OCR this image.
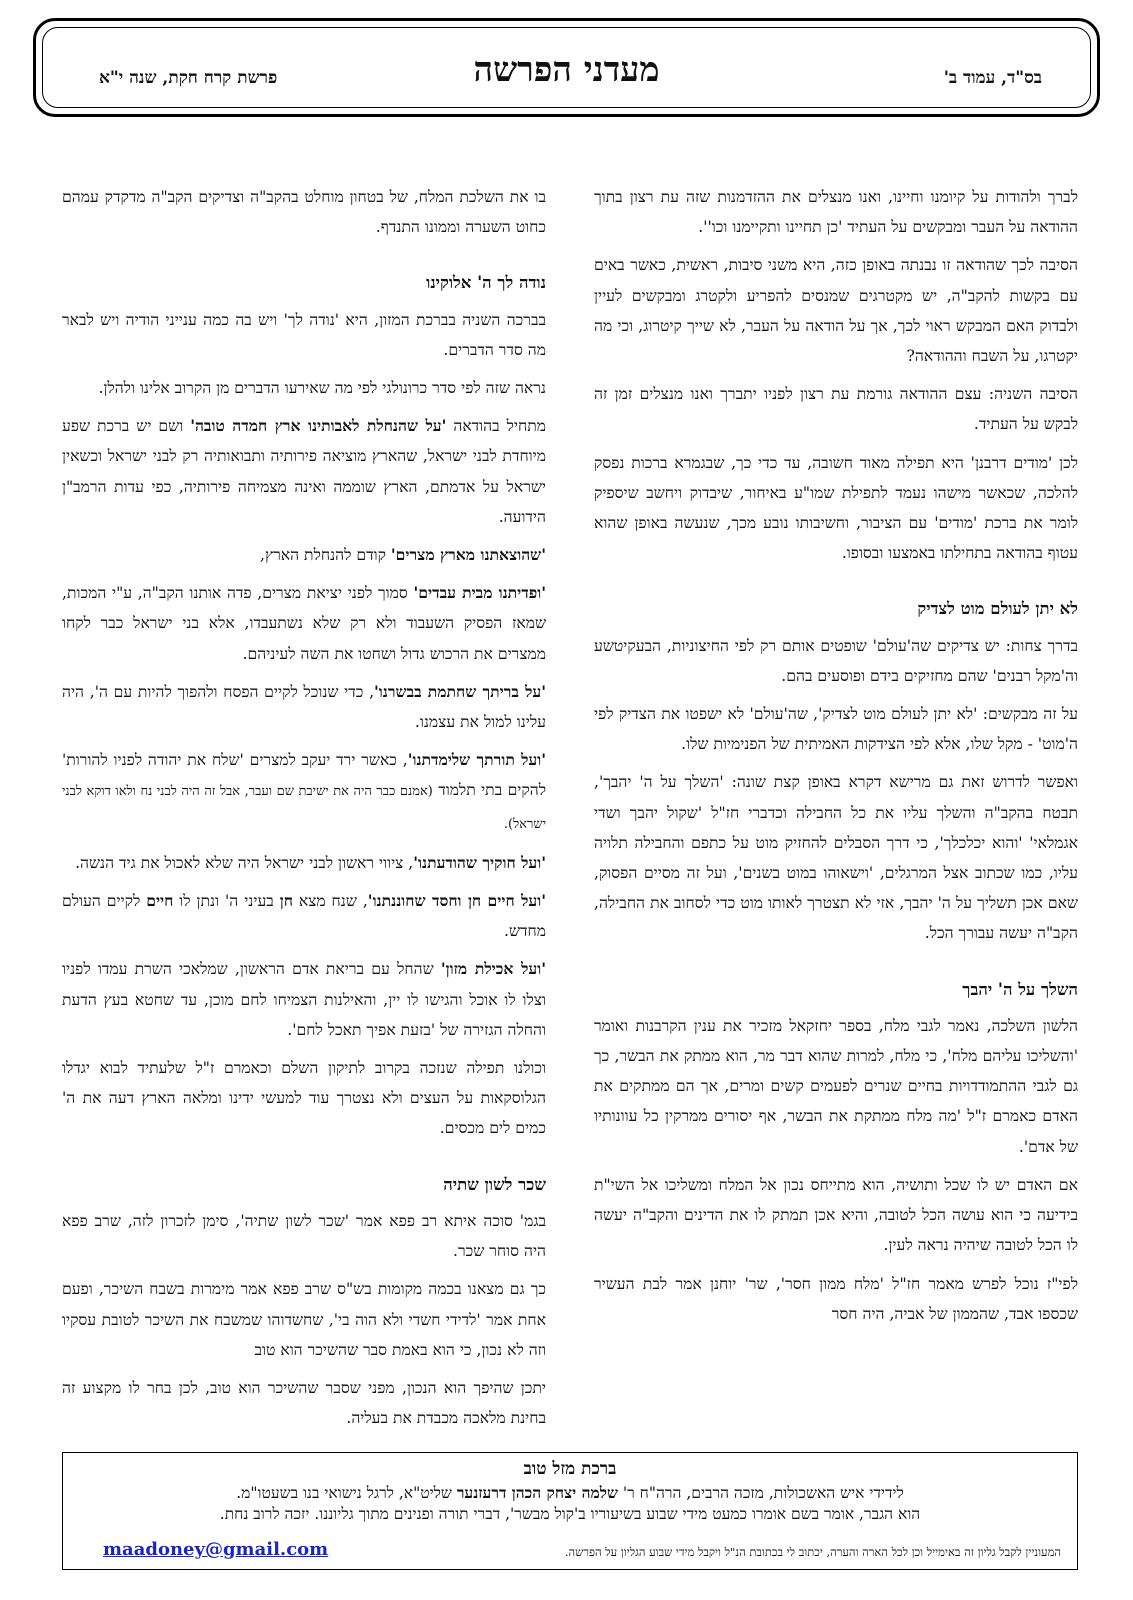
בס"ד, עמוד ב'
מעדני הפרשה
פרשת קרח חקת, שנה י"א

לברך ולהודות על קיומנו וחיינו, ואנו מנצלים את ההזדמנות שזה עת רצון בתוך ההודאה על העבר ומבקשים על העתיד 'כן תחיינו ותקיימנו וכו''.

הסיבה לכך שהודאה זו נבנתה באופן כזה, היא משני סיבות, ראשית, כאשר באים עם בקשות להקב"ה, יש מקטרגים שמנסים להפריע ולקטרג ומבקשים לעיין ולבדוק האם המבקש ראוי לכך, אך על הודאה על העבר, לא שייך קיטרוג, וכי מה יקטרגו, על השבח וההודאה?

הסיבה השניה: עצם ההודאה גורמת עת רצון לפניו יתברך ואנו מנצלים זמן זה לבקש על העתיד.

לכן 'מודים דרבנן' היא תפילה מאוד חשובה, עד כדי כך, שבגמרא ברכות נפסק להלכה, שכאשר מישהו נעמד לתפילת שמו"ע באיחור, שיבדוק ויחשב שיספיק לומר את ברכת 'מודים' עם הציבור, וחשיבותו נובע מכך, שנעשה באופן שהוא עטוף בהודאה בתחילתו באמצעו ובסופו.

לא יתן לעולם מוט לצדיק

בדרך צחות: יש צדיקים שה'עולם' שופטים אותם רק לפי החיצוניות, הבעקיטשע וה'מקל רבנים' שהם מחזיקים בידם ופוסעים בהם.

על זה מבקשים: 'לא יתן לעולם מוט לצדיק', שה'עולם' לא ישפטו את הצדיק לפי ה'מוט' - מקל שלו, אלא לפי הצידקות האמיתית של הפנימיות שלו.

ואפשר לדרוש זאת גם מרישא דקרא באופן קצת שונה: 'השלך על ה' יהבך', תבטח בהקב"ה והשלך עליו את כל החבילה וכדברי חז"ל 'שקול יהבך ושדי אגמלאי' 'והוא יכלכלך', כי דרך הסבלים להחזיק מוט על כתפם והחבילה תלויה עליו, כמו שכתוב אצל המרגלים, 'וישאוהו במוט בשנים', ועל זה מסיים הפסוק, שאם אכן תשליך על ה' יהבך, אזי לא תצטרך לאותו מוט כדי לסחוב את החבילה, הקב"ה יעשה עבורך הכל.

השלך על ה' יהבך

הלשון השלכה, נאמר לגבי מלח, בספר יחזקאל מזכיר את ענין הקרבנות ואומר 'והשליכו עליהם מלח', כי מלח, למרות שהוא דבר מר, הוא ממתק את הבשר, כך גם לגבי ההתמודדויות בחיים שנרים לפעמים קשים ומרים, אך הם ממתקים את האדם כאמרם ז"ל 'מה מלח ממתקת את הבשר, אף יסורים ממרקין כל עוונותיו של אדם'.

אם האדם יש לו שכל ותושיה, הוא מתייחס נכון אל המלח ומשליכו אל השי"ת בידיעה כי הוא עושה הכל לטובה, והיא אכן תמתק לו את הדינים והקב"ה יעשה לו הכל לטובה שיהיה נראה לעין.

לפי"ז נוכל לפרש מאמר חז"ל 'מלח ממון חסר', שר' יוחנן אמר לבת העשיר שכספו אבד, שהממון של אביה, היה חסר

בו את השלכת המלח, של בטחון מוחלט בהקב"ה וצדיקים הקב"ה מדקדק עמהם כחוט השערה וממונו התנדף.

נודה לך ה' אלוקינו

בברכה השניה בברכת המזון, היא 'נודה לך' ויש בה כמה ענייני הודיה ויש לבאר מה סדר הדברים.

נראה שזה לפי סדר כרונולגי לפי מה שאירעו הדברים מן הקרוב אלינו ולהלן.

מתחיל בהודאה 'על שהנחלת לאבותינו ארץ חמדה טובה' ושם יש ברכת שפע מיוחדת לבני ישראל, שהארץ מוציאה פירותיה ותבואותיה רק לבני ישראל וכשאין ישראל על אדמתם, הארץ שוממה ואינה מצמיחה פירותיה, כפי עדות הרמב"ן הידועה.

'שהוצאתנו מארץ מצרים' קודם להנחלת הארץ,

'ופדיתנו מבית עבדים' סמוך לפני יציאת מצרים, פדה אותנו הקב"ה, ע"י המכות, שמאז הפסיק השעבוד ולא רק שלא נשתעבדו, אלא בני ישראל כבר לקחו ממצרים את הרכוש גדול ושחטו את השה לעיניהם.

'על בריתך שחתמת בבשרנו', כדי שנוכל לקיים הפסח ולהפוך להיות עם ה', היה עלינו למול את עצמנו.

'ועל תורתך שלימדתנו', כאשר ירד יעקב למצרים 'שלח את יהודה לפניו להורות' להקים בתי תלמוד (אמנם כבר היה את ישיבת שם ועבר, אבל זה היה לבני נח ולאו דוקא לבני ישראל).

'ועל חוקיך שהודעתנו', ציווי ראשון לבני ישראל היה שלא לאכול את גיד הנשה.

'ועל חיים חן וחסד שחוננתנו', שנח מצא חן בעיני ה' ונתן לו חיים לקיים העולם מחדש.

'ועל אכילת מזון' שהחל עם בריאת אדם הראשון, שמלאכי השרת עמדו לפניו וצלו לו אוכל והגישו לו יין, והאילנות הצמיחו לחם מוכן, עד שחטא בעץ הדעת והחלה הגזירה של 'בזעת אפיך תאכל לחם'.

וכולנו תפילה שנזכה בקרוב לתיקון השלם וכאמרם ז"ל שלעתיד לבוא יגדלו הגלוסקאות על העצים ולא נצטרך עוד למעשי ידינו ומלאה הארץ דעה את ה' כמים לים מכסים.

שכר לשון שתיה

בגמ' סוכה איתא רב פפא אמר 'שכר לשון שתיה', סימן לזכרון לזה, שרב פפא היה סוחר שכר.

כך גם מצאנו בכמה מקומות בש"ס שרב פפא אמר מימרות בשבח השיכר, ופעם אחת אמר 'לדידי חשדי ולא הוה בי', שחשדוהו שמשבח את השיכר לטובת עסקיו וזה לא נכון, כי הוא באמת סבר שהשיכר הוא טוב

יתכן שהיפך הוא הנכון, מפני שסבר שהשיכר הוא טוב, לכן בחר לו מקצוע זה בחינת מלאכה מכבדת את בעליה.

ברכת מזל טוב
לידידי איש האשכולות, מזכה הרבים, הרה"ח ר' שלמה יצחק הכהן דרעזנער שליט"א, לרגל נישואי בנו בשעטו"מ.
הוא הגבר, אומר בשם אומרו כמעט מידי שבוע בשיעוריו ב'קול מבשר', דברי תורה ופנינים מתוך גליוננו. יזכה לרוב נחת.
המעוניין לקבל גליון זה באימייל וכן לכל הארה והערה, יכתוב לי בכתובת הנ"ל ויקבל מידי שבוע הגליון על הפרשה.
maadoney@gmail.com
